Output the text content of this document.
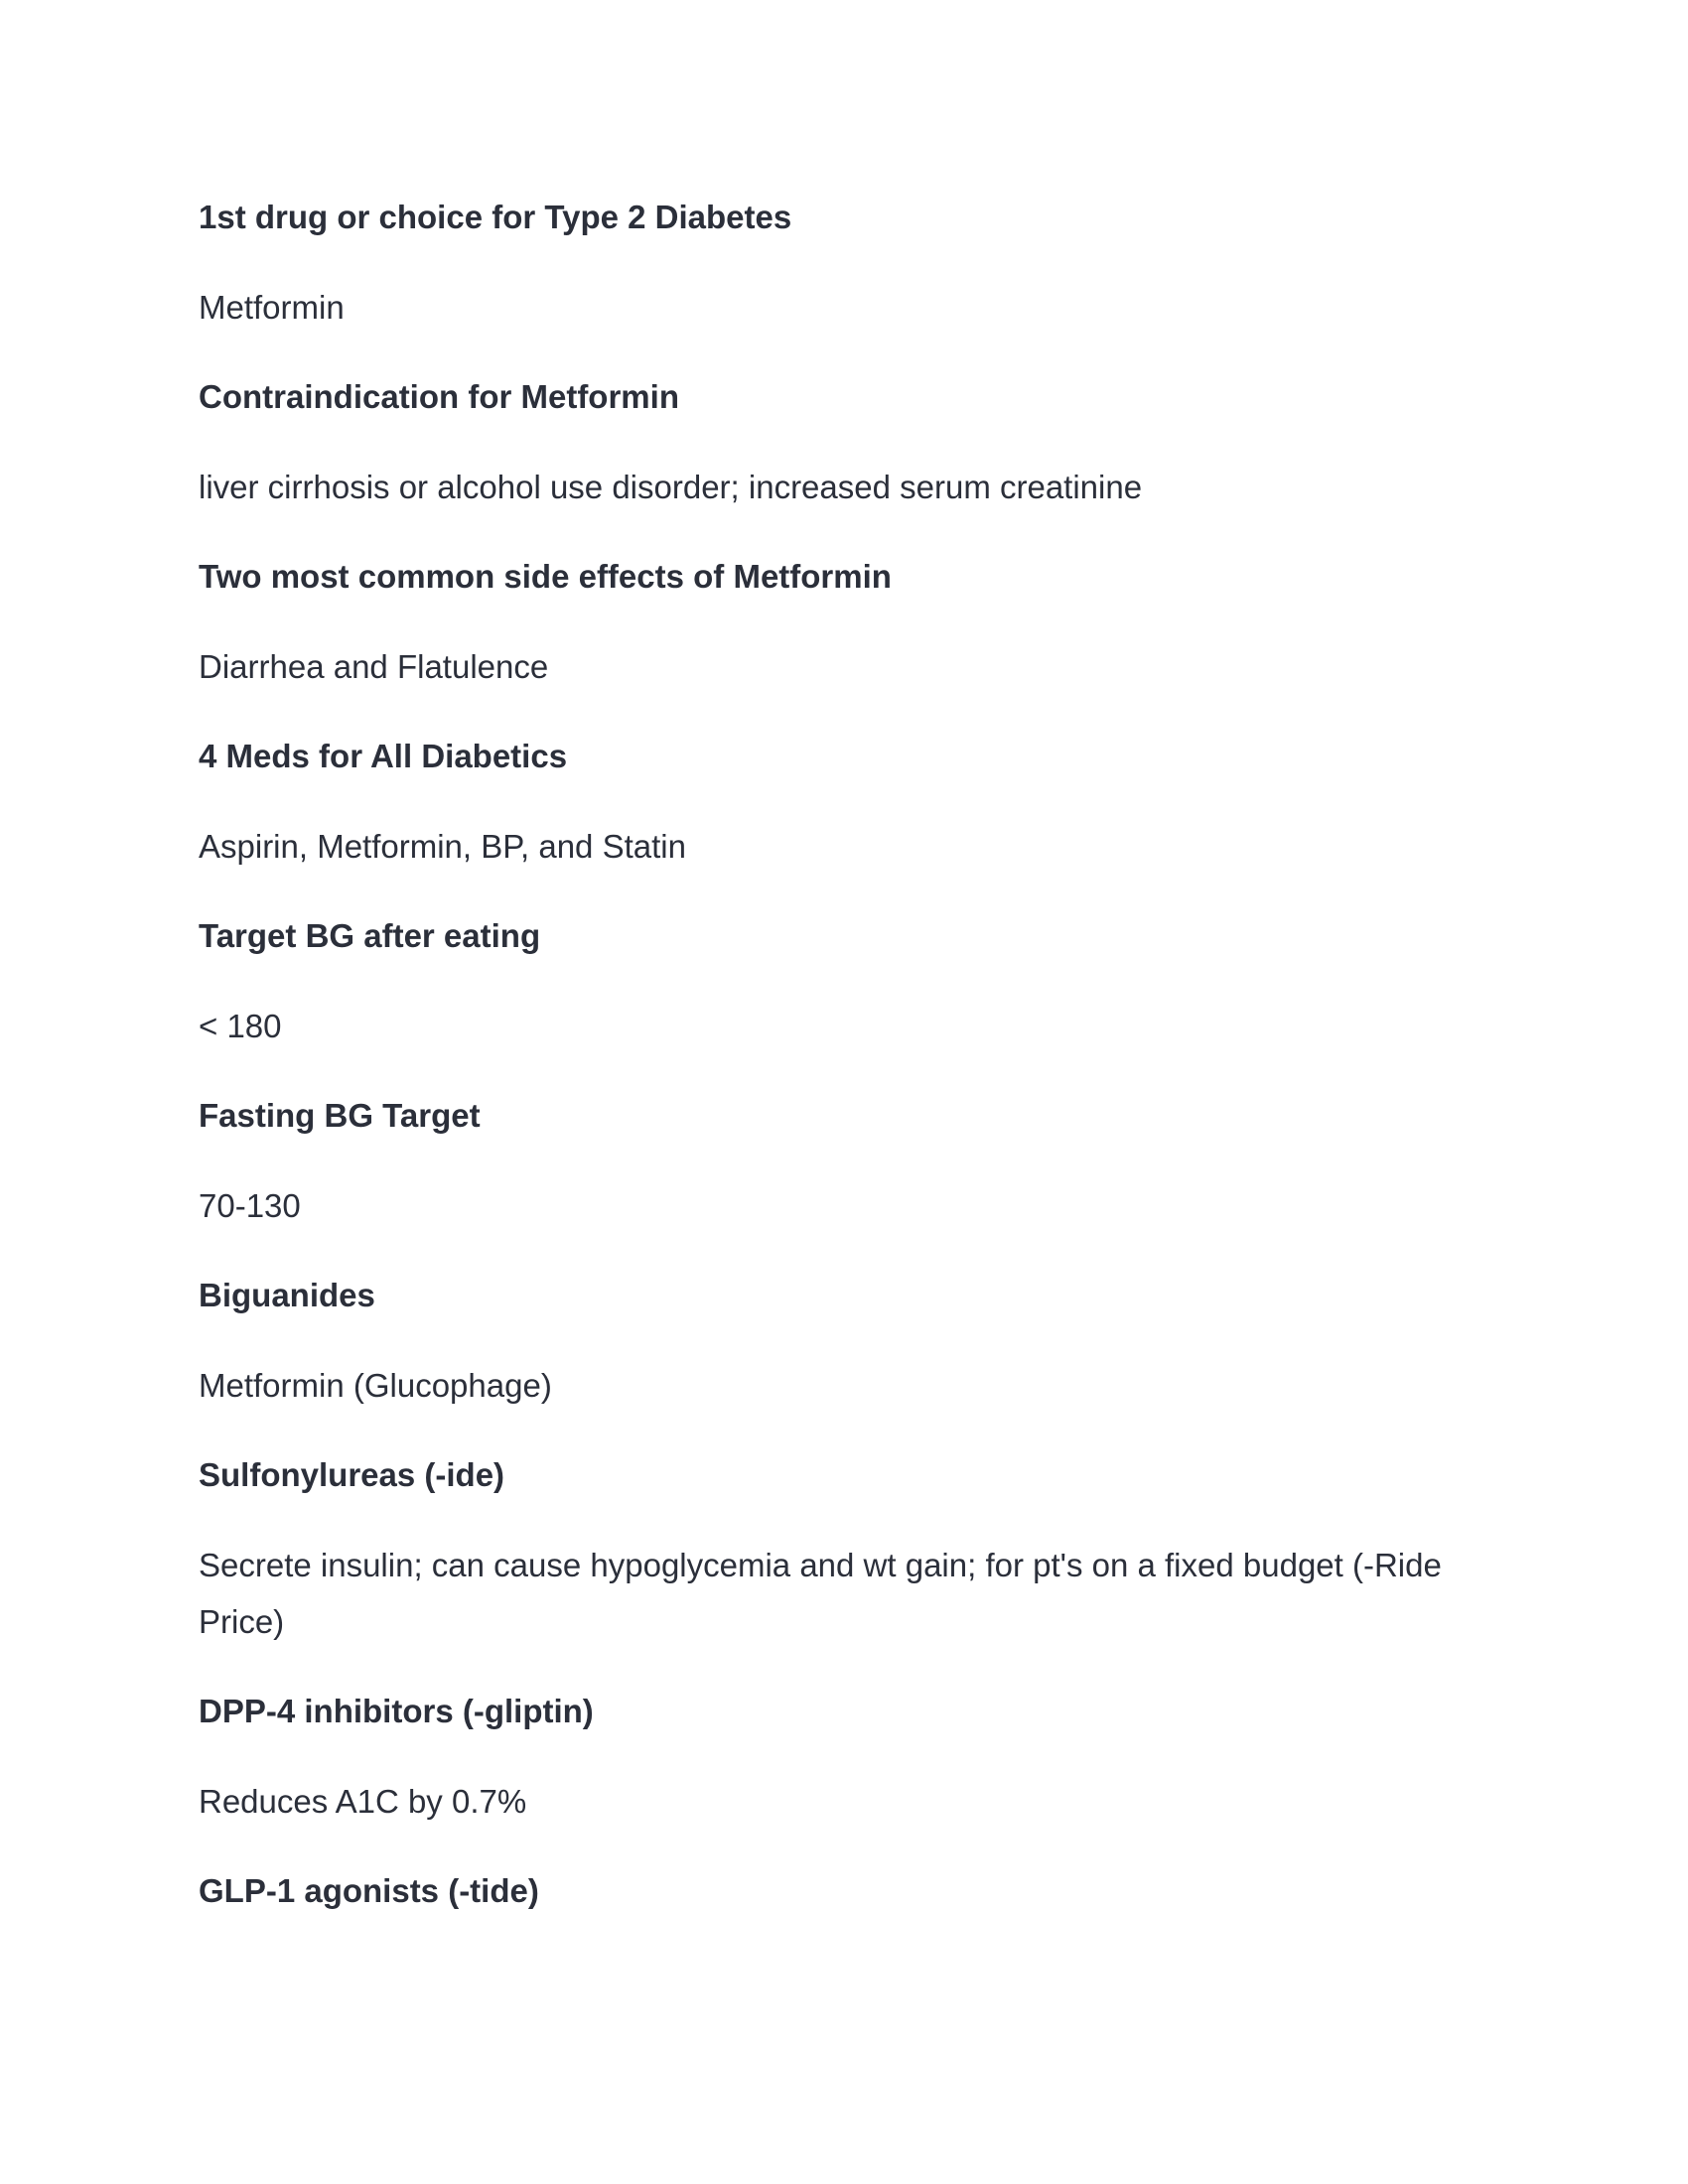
1st drug or choice for Type 2 Diabetes

Metformin

Contraindication for Metformin

liver cirrhosis or alcohol use disorder; increased serum creatinine

Two most common side effects of Metformin

Diarrhea and Flatulence

4 Meds for All Diabetics

Aspirin, Metformin, BP, and Statin

Target BG after eating

< 180

Fasting BG Target

70-130

Biguanides

Metformin (Glucophage)

Sulfonylureas (-ide)

Secrete insulin; can cause hypoglycemia and wt gain; for pt's on a fixed budget (-Ride Price)

DPP-4 inhibitors (-gliptin)

Reduces A1C by 0.7%

GLP-1 agonists (-tide)
